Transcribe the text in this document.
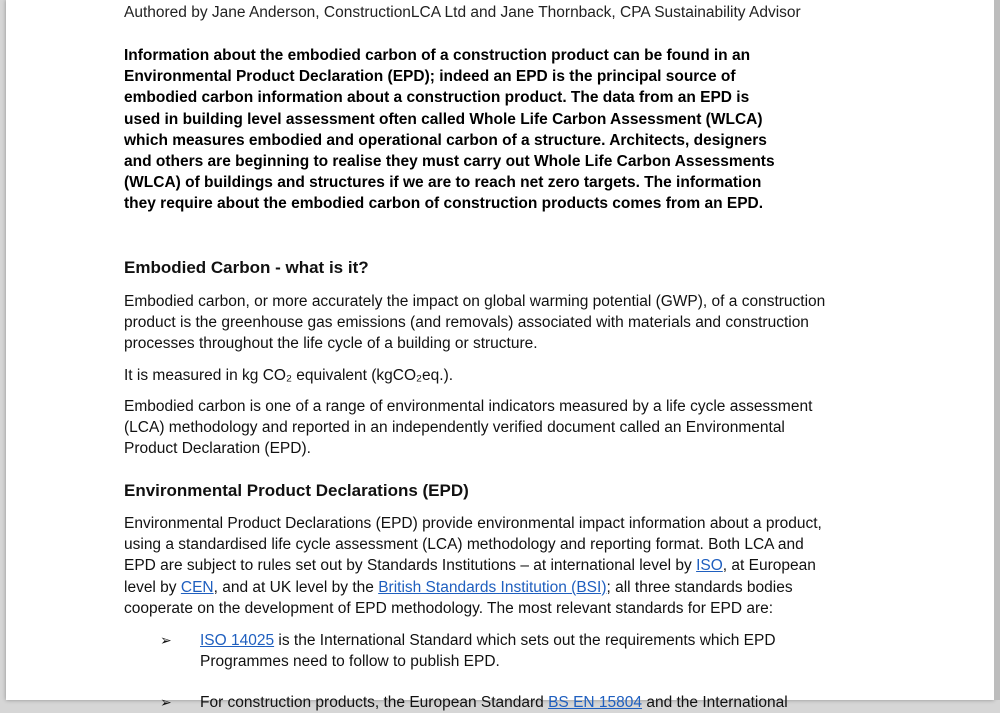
Authored by Jane Anderson, ConstructionLCA Ltd and Jane Thornback, CPA Sustainability Advisor
Information about the embodied carbon of a construction product can be found in an
Environmental Product Declaration (EPD); indeed an EPD is the principal source of
embodied carbon information about a construction product. The data from an EPD is
used in building level assessment often called Whole Life Carbon Assessment (WLCA)
which measures embodied and operational carbon of a structure. Architects, designers
and others are beginning to realise they must carry out Whole Life Carbon Assessments
(WLCA) of buildings and structures if we are to reach net zero targets. The information
they require about the embodied carbon of construction products comes from an EPD.
Embodied Carbon - what is it?
Embodied carbon, or more accurately the impact on global warming potential (GWP), of a construction
product is the greenhouse gas emissions (and removals) associated with materials and construction
processes throughout the life cycle of a building or structure.
It is measured in kg CO₂ equivalent (kgCO₂eq.).
Embodied carbon is one of a range of environmental indicators measured by a life cycle assessment
(LCA) methodology and reported in an independently verified document called an Environmental
Product Declaration (EPD).
Environmental Product Declarations (EPD)
Environmental Product Declarations (EPD) provide environmental impact information about a product,
using a standardised life cycle assessment (LCA) methodology and reporting format. Both LCA and
EPD are subject to rules set out by Standards Institutions – at international level by ISO, at European
level by CEN, and at UK level by the British Standards Institution (BSI); all three standards bodies
cooperate on the development of EPD methodology. The most relevant standards for EPD are:
➢ ISO 14025 is the International Standard which sets out the requirements which EPD
Programmes need to follow to publish EPD.
➢ For construction products, the European Standard BS EN 15804 and the International
